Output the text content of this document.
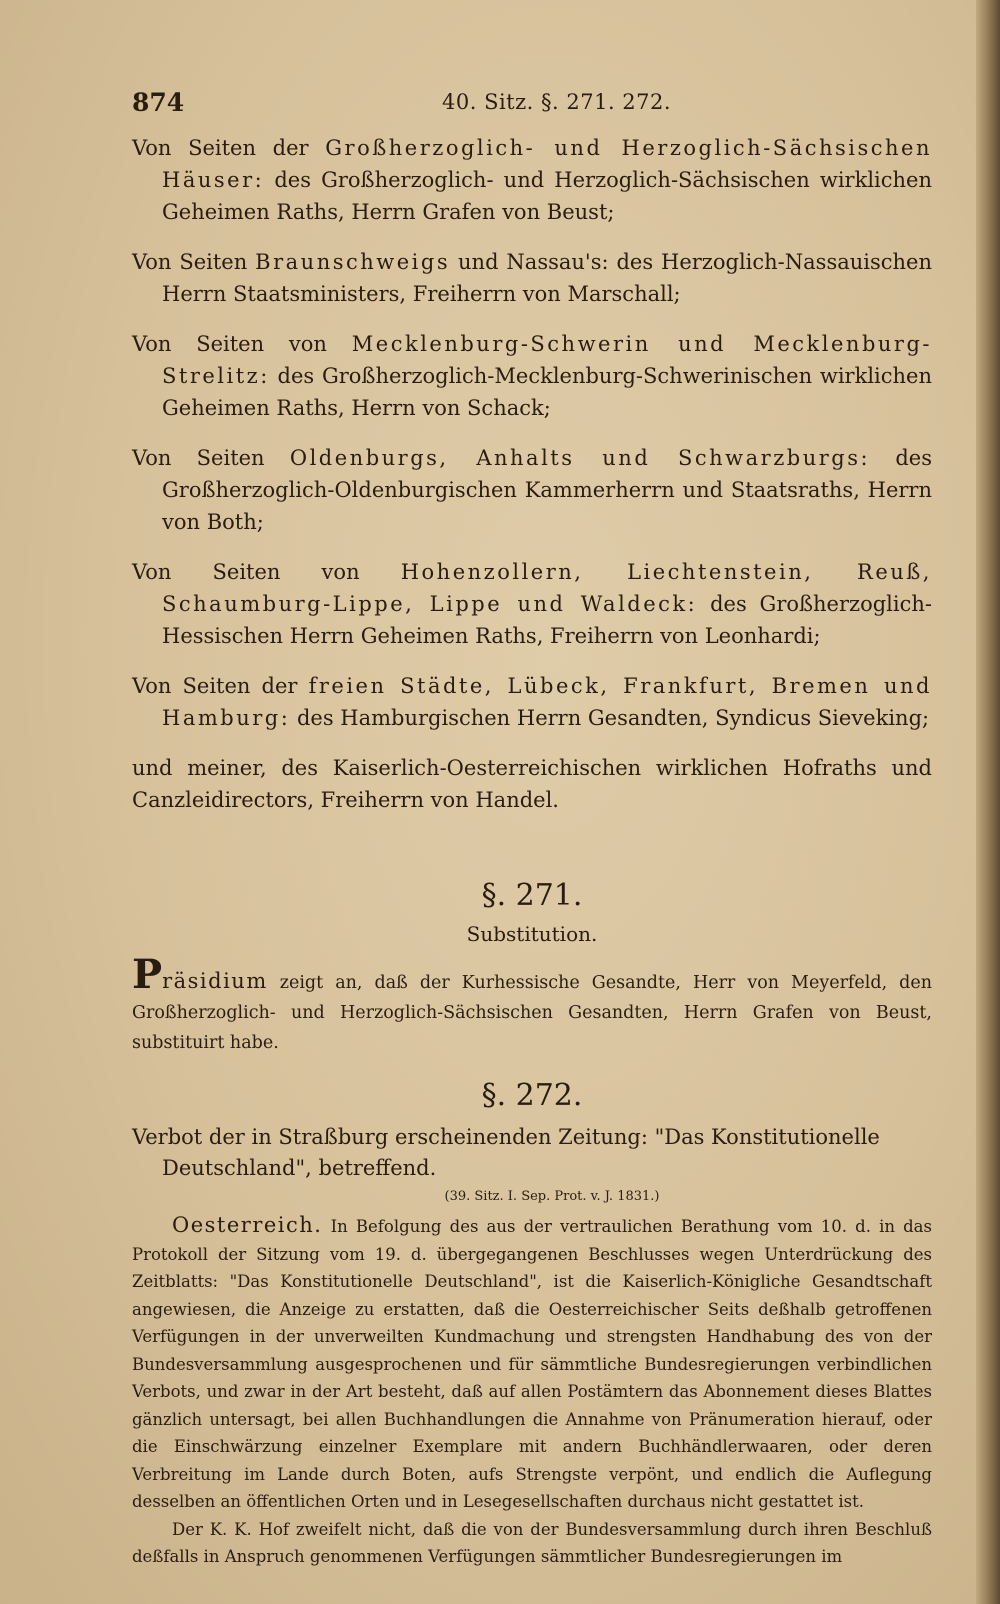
874	40. Sitz. §. 271. 272.

Von Seiten der Großherzoglich- und Herzoglich-Sächsischen Häuser: des Großherzoglich- und Herzoglich-Sächsischen wirklichen Geheimen Raths, Herrn Grafen von Beust;

Von Seiten Braunschweigs und Nassau's: des Herzoglich-Nassauischen Herrn Staatsministers, Freiherrn von Marschall;

Von Seiten von Mecklenburg-Schwerin und Mecklenburg-Strelitz: des Großherzoglich-Mecklenburg-Schwerinischen wirklichen Geheimen Raths, Herrn von Schack;

Von Seiten Oldenburgs, Anhalts und Schwarzburgs: des Großherzoglich-Oldenburgischen Kammerherrn und Staatsraths, Herrn von Both;

Von Seiten von Hohenzollern, Liechtenstein, Reuß, Schaumburg-Lippe, Lippe und Waldeck: des Großherzoglich-Hessischen Herrn Geheimen Raths, Freiherrn von Leonhardi;

Von Seiten der freien Städte, Lübeck, Frankfurt, Bremen und Hamburg: des Hamburgischen Herrn Gesandten, Syndicus Sieveking;

und meiner, des Kaiserlich-Oesterreichischen wirklichen Hofraths und Canzleidirectors, Freiherrn von Handel.

§. 271.

Substitution.

Präsidium zeigt an, daß der Kurhessische Gesandte, Herr von Meyerfeld, den Großherzoglich- und Herzoglich-Sächsischen Gesandten, Herrn Grafen von Beust, substituirt habe.

§. 272.

Verbot der in Straßburg erscheinenden Zeitung: "Das Konstitutionelle Deutschland", betreffend.

(39. Sitz. I. Sep. Prot. v. J. 1831.)

Oesterreich. In Befolgung des aus der vertraulichen Berathung vom 10. d. in das Protokoll der Sitzung vom 19. d. übergegangenen Beschlusses wegen Unterdrückung des Zeitblatts: "Das Konstitutionelle Deutschland", ist die Kaiserlich-Königliche Gesandtschaft angewiesen, die Anzeige zu erstatten, daß die Oesterreichischer Seits deßhalb getroffenen Verfügungen in der unverweilten Kundmachung und strengsten Handhabung des von der Bundesversammlung ausgesprochenen und für sämmtliche Bundesregierungen verbindlichen Verbots, und zwar in der Art besteht, daß auf allen Postämtern das Abonnement dieses Blattes gänzlich untersagt, bei allen Buchhandlungen die Annahme von Pränumeration hierauf, oder die Einschwärzung einzelner Exemplare mit andern Buchhändlerwaaren, oder deren Verbreitung im Lande durch Boten, aufs Strengste verpönt, und endlich die Auflegung desselben an öffentlichen Orten und in Lesegesellschaften durchaus nicht gestattet ist.

Der K. K. Hof zweifelt nicht, daß die von der Bundesversammlung durch ihren Beschluß deßfalls in Anspruch genommenen Verfügungen sämmtlicher Bundesregierungen im
